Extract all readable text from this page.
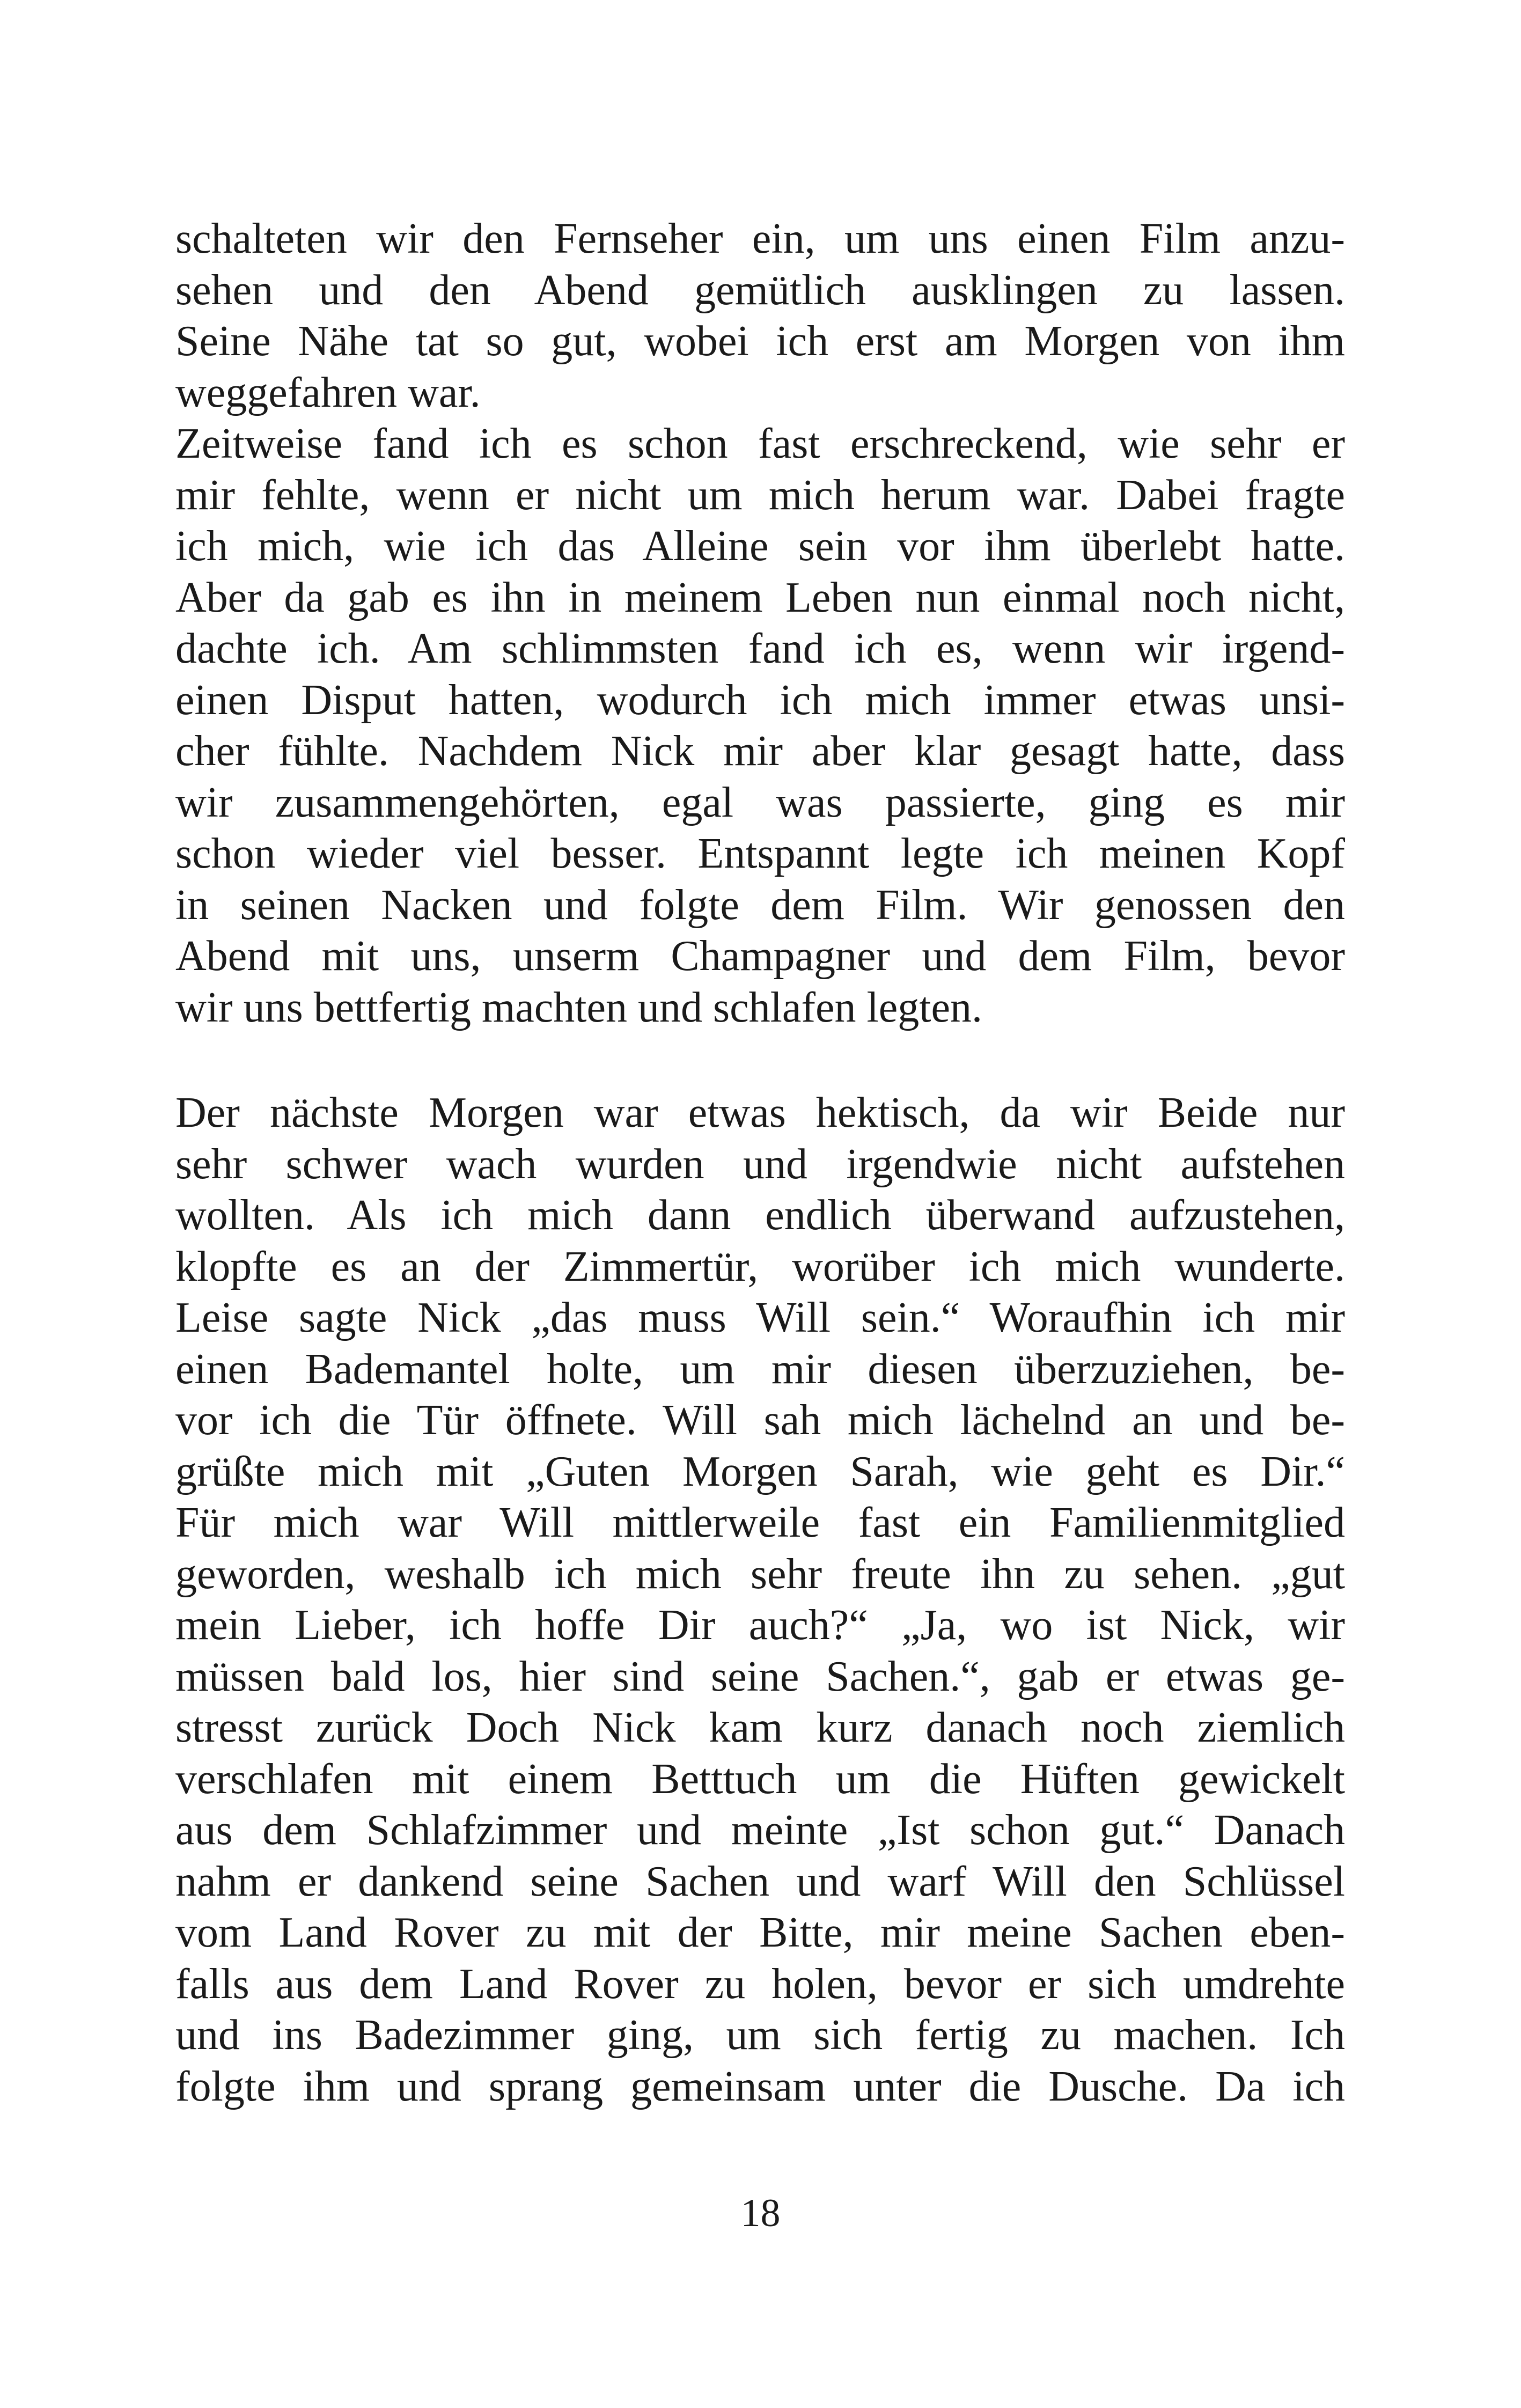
schalteten wir den Fernseher ein, um uns einen Film anzu-
sehen und den Abend gemütlich ausklingen zu lassen.
Seine Nähe tat so gut, wobei ich erst am Morgen von ihm
weggefahren war.
Zeitweise fand ich es schon fast erschreckend, wie sehr er
mir fehlte, wenn er nicht um mich herum war. Dabei fragte
ich mich, wie ich das Alleine sein vor ihm überlebt hatte.
Aber da gab es ihn in meinem Leben nun einmal noch nicht,
dachte ich. Am schlimmsten fand ich es, wenn wir irgend-
einen Disput hatten, wodurch ich mich immer etwas unsi-
cher fühlte. Nachdem Nick mir aber klar gesagt hatte, dass
wir zusammengehörten, egal was passierte, ging es mir
schon wieder viel besser. Entspannt legte ich meinen Kopf
in seinen Nacken und folgte dem Film. Wir genossen den
Abend mit uns, unserm Champagner und dem Film, bevor
wir uns bettfertig machten und schlafen legten.
Der nächste Morgen war etwas hektisch, da wir Beide nur
sehr schwer wach wurden und irgendwie nicht aufstehen
wollten. Als ich mich dann endlich überwand aufzustehen,
klopfte es an der Zimmertür, worüber ich mich wunderte.
Leise sagte Nick „das muss Will sein.“ Woraufhin ich mir
einen Bademantel holte, um mir diesen überzuziehen, be-
vor ich die Tür öffnete. Will sah mich lächelnd an und be-
grüßte mich mit „Guten Morgen Sarah, wie geht es Dir.“
Für mich war Will mittlerweile fast ein Familienmitglied
geworden, weshalb ich mich sehr freute ihn zu sehen. „gut
mein Lieber, ich hoffe Dir auch?“ „Ja, wo ist Nick, wir
müssen bald los, hier sind seine Sachen.“, gab er etwas ge-
stresst zurück Doch Nick kam kurz danach noch ziemlich
verschlafen mit einem Betttuch um die Hüften gewickelt
aus dem Schlafzimmer und meinte „Ist schon gut.“ Danach
nahm er dankend seine Sachen und warf Will den Schlüssel
vom Land Rover zu mit der Bitte, mir meine Sachen eben-
falls aus dem Land Rover zu holen, bevor er sich umdrehte
und ins Badezimmer ging, um sich fertig zu machen. Ich
folgte ihm und sprang gemeinsam unter die Dusche. Da ich
18
